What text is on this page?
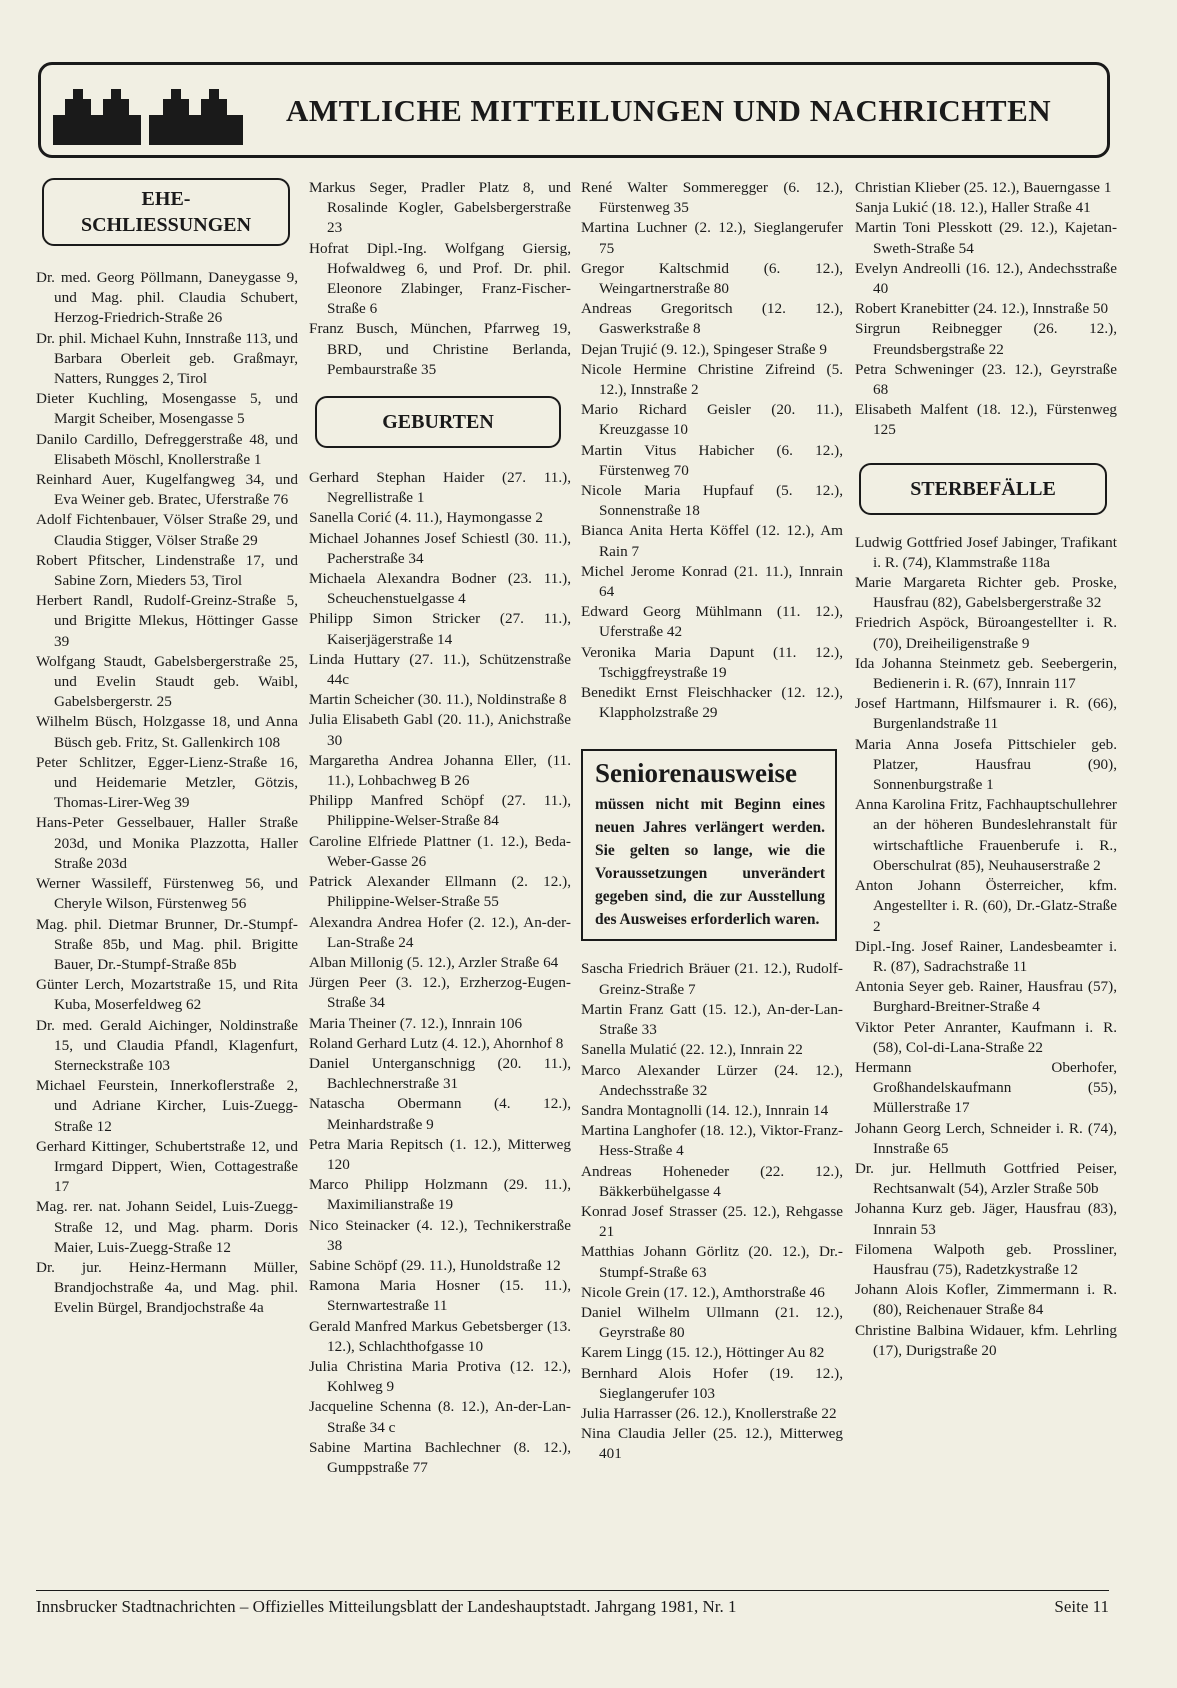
AMTLICHE MITTEILUNGEN UND NACHRICHTEN
EHE-
SCHLIESSUNGEN
Dr. med. Georg Pöllmann, Daneygasse 9, und Mag. phil. Claudia Schubert, Herzog-Friedrich-Straße 26
Dr. phil. Michael Kuhn, Innstraße 113, und Barbara Oberleit geb. Graßmayr, Natters, Rungges 2, Tirol
Dieter Kuchling, Mosengasse 5, und Margit Scheiber, Mosengasse 5
Danilo Cardillo, Defreggerstraße 48, und Elisabeth Möschl, Knollerstraße 1
Reinhard Auer, Kugelfangweg 34, und Eva Weiner geb. Bratec, Uferstraße 76
Adolf Fichtenbauer, Völser Straße 29, und Claudia Stigger, Völser Straße 29
Robert Pfitscher, Lindenstraße 17, und Sabine Zorn, Mieders 53, Tirol
Herbert Randl, Rudolf-Greinz-Straße 5, und Brigitte Mlekus, Höttinger Gasse 39
Wolfgang Staudt, Gabelsbergerstraße 25, und Evelin Staudt geb. Waibl, Gabelsbergerstr. 25
Wilhelm Büsch, Holzgasse 18, und Anna Büsch geb. Fritz, St. Gallenkirch 108
Peter Schlitzer, Egger-Lienz-Straße 16, und Heidemarie Metzler, Götzis, Thomas-Lirer-Weg 39
Hans-Peter Gesselbauer, Haller Straße 203d, und Monika Plazzotta, Haller Straße 203d
Werner Wassileff, Fürstenweg 56, und Cheryle Wilson, Fürstenweg 56
Mag. phil. Dietmar Brunner, Dr.-Stumpf-Straße 85b, und Mag. phil. Brigitte Bauer, Dr.-Stumpf-Straße 85b
Günter Lerch, Mozartstraße 15, und Rita Kuba, Moserfeldweg 62
Dr. med. Gerald Aichinger, Noldinstraße 15, und Claudia Pfandl, Klagenfurt, Sterneckstraße 103
Michael Feurstein, Innerkoflerstraße 2, und Adriane Kircher, Luis-Zuegg-Straße 12
Gerhard Kittinger, Schubertstraße 12, und Irmgard Dippert, Wien, Cottagestraße 17
Mag. rer. nat. Johann Seidel, Luis-Zuegg-Straße 12, und Mag. pharm. Doris Maier, Luis-Zuegg-Straße 12
Dr. jur. Heinz-Hermann Müller, Brandjochstraße 4a, und Mag. phil. Evelin Bürgel, Brandjochstraße 4a
Markus Seger, Pradler Platz 8, und Rosalinde Kogler, Gabelsbergerstraße 23
Hofrat Dipl.-Ing. Wolfgang Giersig, Hofwaldweg 6, und Prof. Dr. phil. Eleonore Zlabinger, Franz-Fischer-Straße 6
Franz Busch, München, Pfarrweg 19, BRD, und Christine Berlanda, Pembaurstraße 35
GEBURTEN
Gerhard Stephan Haider (27. 11.), Negrellistraße 1
Sanella Corić (4. 11.), Haymongasse 2
Michael Johannes Josef Schiestl (30. 11.), Pacherstraße 34
Michaela Alexandra Bodner (23. 11.), Scheuchenstuelgasse 4
Philipp Simon Stricker (27. 11.), Kaiserjägerstraße 14
Linda Huttary (27. 11.), Schützenstraße 44c
Martin Scheicher (30. 11.), Noldinstraße 8
Julia Elisabeth Gabl (20. 11.), Anichstraße 30
Margaretha Andrea Johanna Eller, (11. 11.), Lohbachweg B 26
Philipp Manfred Schöpf (27. 11.), Philippine-Welser-Straße 84
Caroline Elfriede Plattner (1. 12.), Beda-Weber-Gasse 26
Patrick Alexander Ellmann (2. 12.), Philippine-Welser-Straße 55
Alexandra Andrea Hofer (2. 12.), An-der-Lan-Straße 24
Alban Millonig (5. 12.), Arzler Straße 64
Jürgen Peer (3. 12.), Erzherzog-Eugen-Straße 34
Maria Theiner (7. 12.), Innrain 106
Roland Gerhard Lutz (4. 12.), Ahornhof 8
Daniel Unterganschnigg (20. 11.), Bachlechnerstraße 31
Natascha Obermann (4. 12.), Meinhardstraße 9
Petra Maria Repitsch (1. 12.), Mitterweg 120
Marco Philipp Holzmann (29. 11.), Maximilianstraße 19
Nico Steinacker (4. 12.), Technikerstraße 38
Sabine Schöpf (29. 11.), Hunoldstraße 12
Ramona Maria Hosner (15. 11.), Sternwartestraße 11
Gerald Manfred Markus Gebetsberger (13. 12.), Schlachthofgasse 10
Julia Christina Maria Protiva (12. 12.), Kohlweg 9
Jacqueline Schenna (8. 12.), An-der-Lan-Straße 34 c
Sabine Martina Bachlechner (8. 12.), Gumppstraße 77
René Walter Sommeregger (6. 12.), Fürstenweg 35
Martina Luchner (2. 12.), Sieglangerufer 75
Gregor Kaltschmid (6. 12.), Weingartnerstraße 80
Andreas Gregoritsch (12. 12.), Gaswerkstraße 8
Dejan Trujić (9. 12.), Spingeser Straße 9
Nicole Hermine Christine Zifreind (5. 12.), Innstraße 2
Mario Richard Geisler (20. 11.), Kreuzgasse 10
Martin Vitus Habicher (6. 12.), Fürstenweg 70
Nicole Maria Hupfauf (5. 12.), Sonnenstraße 18
Bianca Anita Herta Köffel (12. 12.), Am Rain 7
Michel Jerome Konrad (21. 11.), Innrain 64
Edward Georg Mühlmann (11. 12.), Uferstraße 42
Veronika Maria Dapunt (11. 12.), Tschiggfreystraße 19
Benedikt Ernst Fleischhacker (12. 12.), Klappholzstraße 29
Seniorenausweise
müssen nicht mit Beginn eines neuen Jahres verlängert werden. Sie gelten so lange, wie die Voraussetzungen unverändert gegeben sind, die zur Ausstellung des Ausweises erforderlich waren.
Sascha Friedrich Bräuer (21. 12.), Rudolf-Greinz-Straße 7
Martin Franz Gatt (15. 12.), An-der-Lan-Straße 33
Sanella Mulatić (22. 12.), Innrain 22
Marco Alexander Lürzer (24. 12.), Andechsstraße 32
Sandra Montagnolli (14. 12.), Innrain 14
Martina Langhofer (18. 12.), Viktor-Franz-Hess-Straße 4
Andreas Hoheneder (22. 12.), Bäkkerbühelgasse 4
Konrad Josef Strasser (25. 12.), Rehgasse 21
Matthias Johann Görlitz (20. 12.), Dr.-Stumpf-Straße 63
Nicole Grein (17. 12.), Amthorstraße 46
Daniel Wilhelm Ullmann (21. 12.), Geyrstraße 80
Karem Lingg (15. 12.), Höttinger Au 82
Bernhard Alois Hofer (19. 12.), Sieglangerufer 103
Julia Harrasser (26. 12.), Knollerstraße 22
Nina Claudia Jeller (25. 12.), Mitterweg 401
Christian Klieber (25. 12.), Bauerngasse 1
Sanja Lukić (18. 12.), Haller Straße 41
Martin Toni Plesskott (29. 12.), Kajetan-Sweth-Straße 54
Evelyn Andreolli (16. 12.), Andechsstraße 40
Robert Kranebitter (24. 12.), Innstraße 50
Sirgrun Reibnegger (26. 12.), Freundsbergstraße 22
Petra Schweninger (23. 12.), Geyrstraße 68
Elisabeth Malfent (18. 12.), Fürstenweg 125
STERBEFÄLLE
Ludwig Gottfried Josef Jabinger, Trafikant i. R. (74), Klammstraße 118a
Marie Margareta Richter geb. Proske, Hausfrau (82), Gabelsbergerstraße 32
Friedrich Aspöck, Büroangestellter i. R. (70), Dreiheiligenstraße 9
Ida Johanna Steinmetz geb. Seebergerin, Bedienerin i. R. (67), Innrain 117
Josef Hartmann, Hilfsmaurer i. R. (66), Burgenlandstraße 11
Maria Anna Josefa Pittschieler geb. Platzer, Hausfrau (90), Sonnenburgstraße 1
Anna Karolina Fritz, Fachhauptschullehrer an der höheren Bundeslehranstalt für wirtschaftliche Frauenberufe i. R., Oberschulrat (85), Neuhauserstraße 2
Anton Johann Österreicher, kfm. Angestellter i. R. (60), Dr.-Glatz-Straße 2
Dipl.-Ing. Josef Rainer, Landesbeamter i. R. (87), Sadrachstraße 11
Antonia Seyer geb. Rainer, Hausfrau (57), Burghard-Breitner-Straße 4
Viktor Peter Anranter, Kaufmann i. R. (58), Col-di-Lana-Straße 22
Hermann Oberhofer, Großhandelskaufmann (55), Müllerstraße 17
Johann Georg Lerch, Schneider i. R. (74), Innstraße 65
Dr. jur. Hellmuth Gottfried Peiser, Rechtsanwalt (54), Arzler Straße 50b
Johanna Kurz geb. Jäger, Hausfrau (83), Innrain 53
Filomena Walpoth geb. Prossliner, Hausfrau (75), Radetzkystraße 12
Johann Alois Kofler, Zimmermann i. R. (80), Reichenauer Straße 84
Christine Balbina Widauer, kfm. Lehrling (17), Durigstraße 20
Innsbrucker Stadtnachrichten – Offizielles Mitteilungsblatt der Landeshauptstadt. Jahrgang 1981, Nr. 1	Seite 11
